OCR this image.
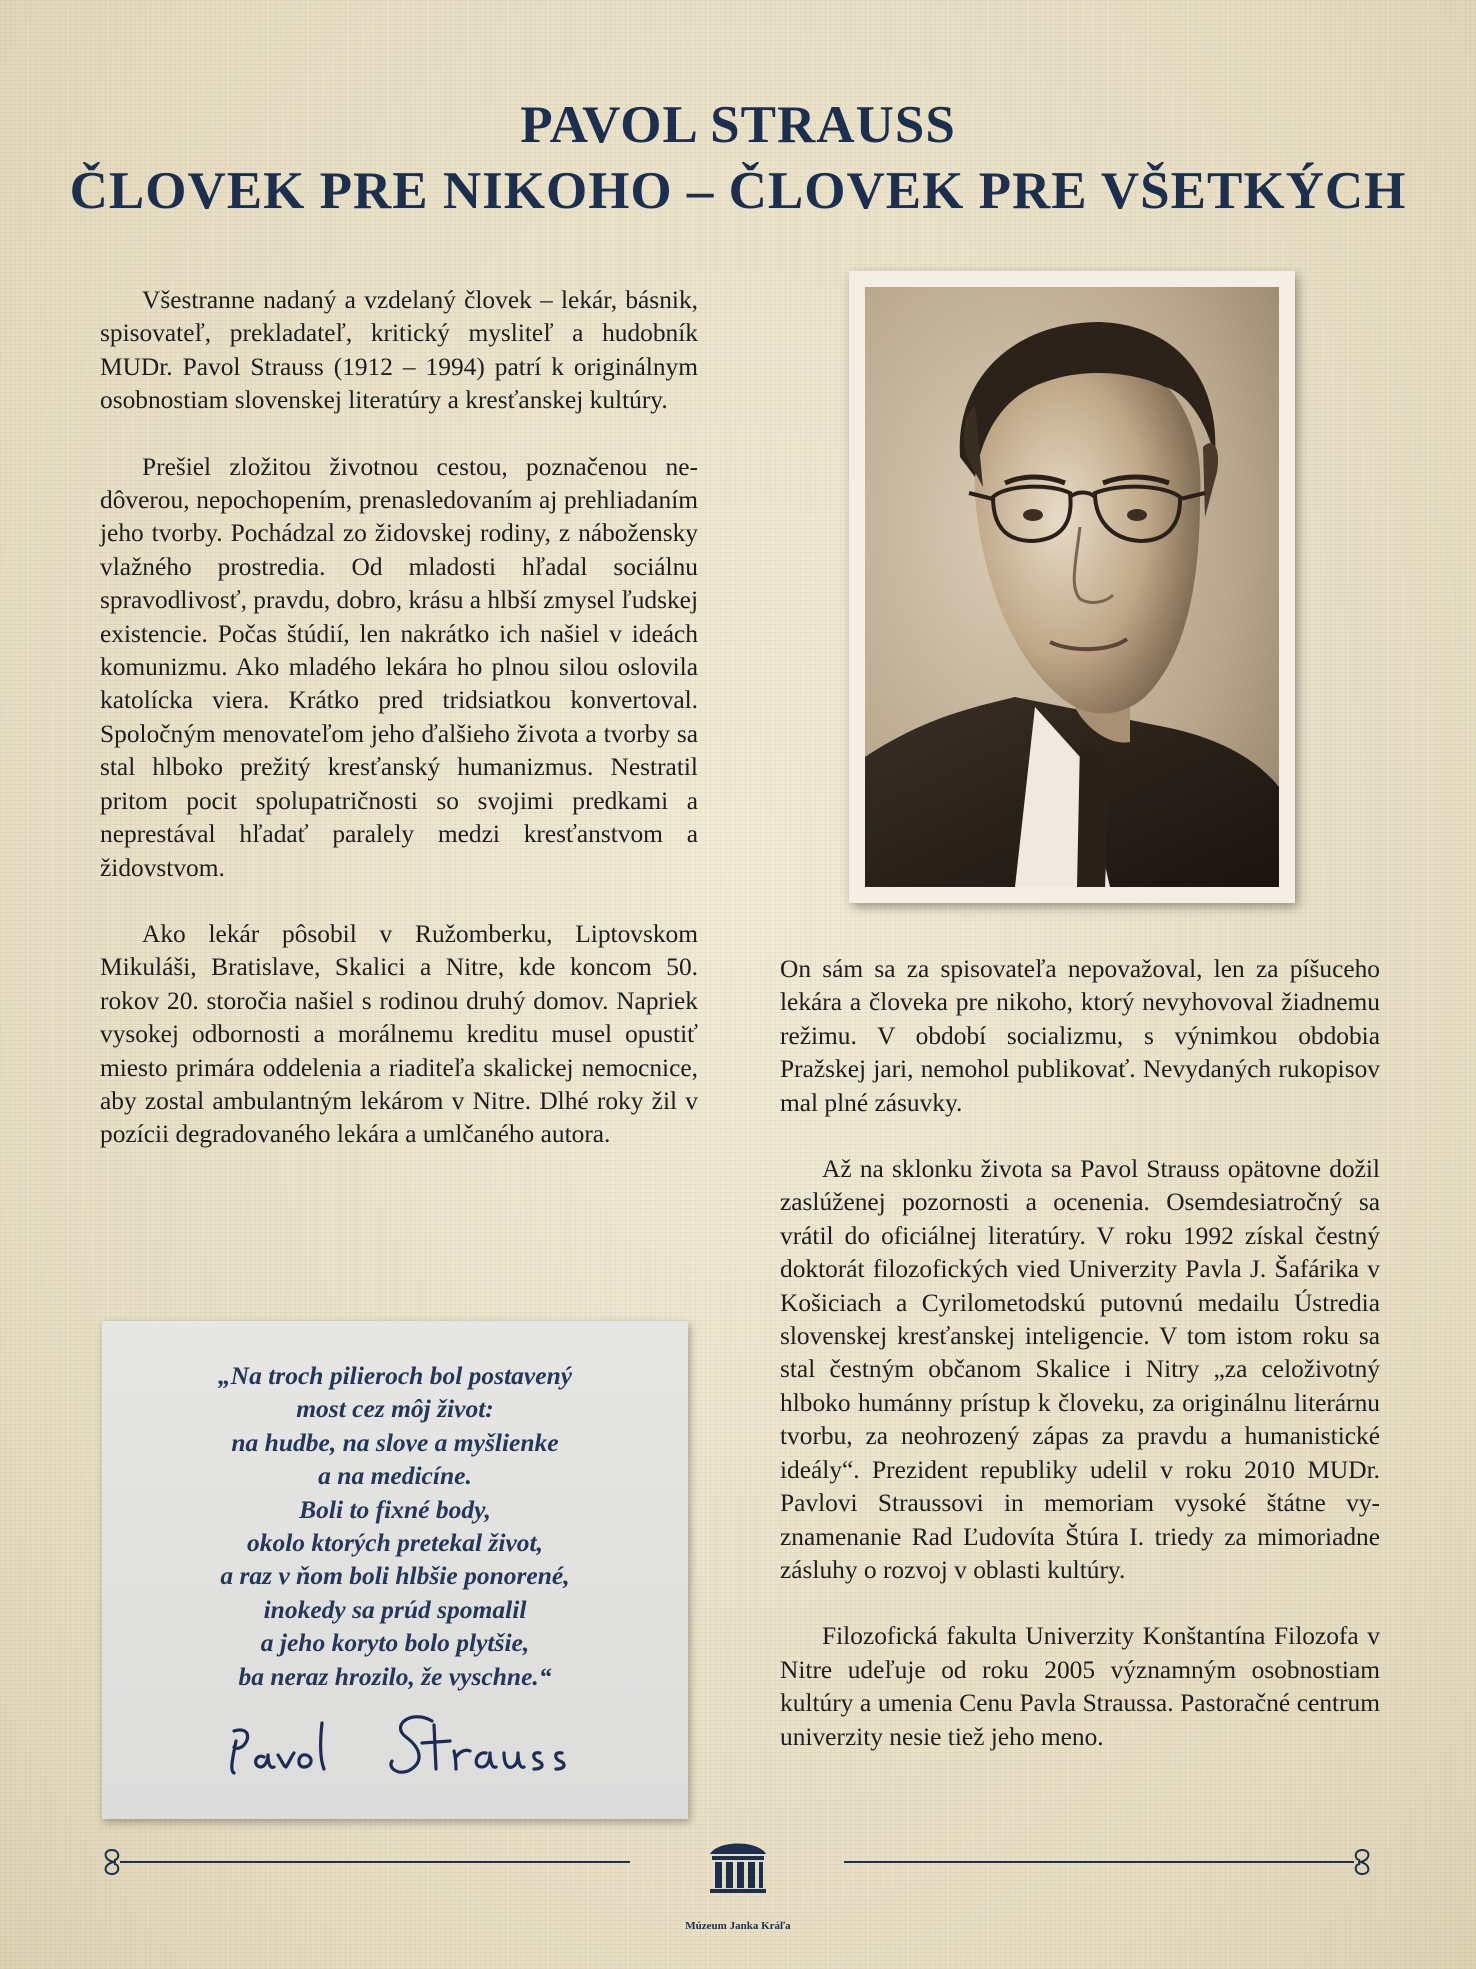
PAVOL STRAUSS
ČLOVEK PRE NIKOHO – ČLOVEK PRE VŠETKÝCH

Všestranne nadaný a vzdelaný človek – lekár, básnik, spisovateľ, prekladateľ, kritický mysliteľ a hudobník MUDr. Pavol Strauss (1912 – 1994) patrí k originálnym osobnostiam slovenskej literatúry a kresťanskej kultúry.

Prešiel zložitou životnou cestou, poznačenou nedôverou, nepochopením, prenasledovaním aj prehliadaním jeho tvorby. Pochádzal zo židovskej rodiny, z nábožensky vlažného prostredia. Od mladosti hľadal sociálnu spravodlivosť, pravdu, dobro, krásu a hlbší zmysel ľudskej existencie. Počas štúdií, len nakrátko ich našiel v ideách komunizmu. Ako mladého lekára ho plnou silou oslovila katolícka viera. Krátko pred tridsiatkou konvertoval. Spoločným menovateľom jeho ďalšieho života a tvorby sa stal hlboko prežitý kresťanský humanizmus. Nestratil pritom pocit spolupatričnosti so svojimi predkami a neprestával hľadať paralely medzi kresťanstvom a židovstvom.

Ako lekár pôsobil v Ružomberku, Liptovskom Mikuláši, Bratislave, Skalici a Nitre, kde koncom 50. rokov 20. storočia našiel s rodinou druhý domov. Napriek vysokej odbornosti a morálnemu kreditu musel opustiť miesto primára oddelenia a riaditeľa skalickej nemocnice, aby zostal ambulantným lekárom v Nitre. Dlhé roky žil v pozícii degradovaného lekára a umlčaného autora.

On sám sa za spisovateľa nepovažoval, len za píšuceho lekára a človeka pre nikoho, ktorý nevyhovoval žiadnemu režimu. V období socializmu, s výnimkou obdobia Pražskej jari, nemohol publikovať. Nevydaných rukopisov mal plné zásuvky.

Až na sklonku života sa Pavol Strauss opätovne dožil zaslúženej pozornosti a ocenenia. Osemdesiatročný sa vrátil do oficiálnej literatúry. V roku 1992 získal čestný doktorát filozofických vied Univerzity Pavla J. Šafárika v Košiciach a Cyrilometodskú putovnú medailu Ústredia slovenskej kresťanskej inteligencie. V tom istom roku sa stal čestným občanom Skalice i Nitry „za celoživotný hlboko humánny prístup k človeku, za originálnu literárnu tvorbu, za neohrozený zápas za pravdu a humanistické ideály“. Prezident republiky udelil v roku 2010 MUDr. Pavlovi Straussovi in memoriam vysoké štátne vyznamenanie Rad Ľudovíta Štúra I. triedy za mimoriadne zásluhy o rozvoj v oblasti kultúry.

Filozofická fakulta Univerzity Konštantína Filozofa v Nitre udeľuje od roku 2005 významným osobnostiam kultúry a umenia Cenu Pavla Straussa. Pastoračné centrum univerzity nesie tiež jeho meno.

„Na troch pilieroch bol postavený
most cez môj život:
na hudbe, na slove a myšlienke
a na medicíne.
Boli to fixné body,
okolo ktorých pretekal život,
a raz v ňom boli hlbšie ponorené,
inokedy sa prúd spomalil
a jeho koryto bolo plytšie,
ba neraz hrozilo, že vyschne.“
Múzeum Janka Kráľa
